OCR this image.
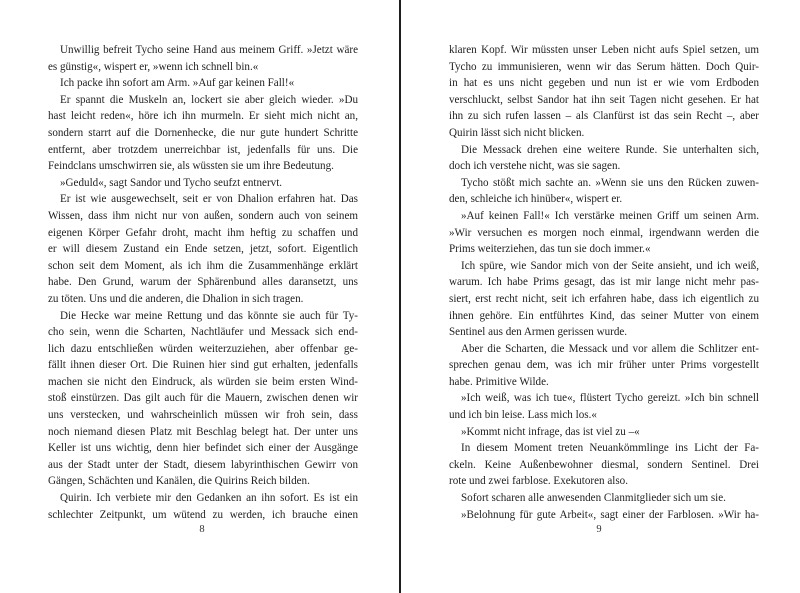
Unwillig befreit Tycho seine Hand aus meinem Griff. »Jetzt wäre
es günstig«, wispert er, »wenn ich schnell bin.«
Ich packe ihn sofort am Arm. »Auf gar keinen Fall!«
Er spannt die Muskeln an, lockert sie aber gleich wieder. »Du
hast leicht reden«, höre ich ihn murmeln. Er sieht mich nicht an,
sondern starrt auf die Dornenhecke, die nur gute hundert Schritte
entfernt, aber trotzdem unerreichbar ist, jedenfalls für uns. Die
Feindclans umschwirren sie, als wüssten sie um ihre Bedeutung.
»Geduld«, sagt Sandor und Tycho seufzt entnervt.
Er ist wie ausgewechselt, seit er von Dhalion erfahren hat. Das
Wissen, dass ihm nicht nur von außen, sondern auch von seinem
eigenen Körper Gefahr droht, macht ihm heftig zu schaffen und
er will diesem Zustand ein Ende setzen, jetzt, sofort. Eigentlich
schon seit dem Moment, als ich ihm die Zusammenhänge erklärt
habe. Den Grund, warum der Sphärenbund alles daransetzt, uns
zu töten. Uns und die anderen, die Dhalion in sich tragen.
Die Hecke war meine Rettung und das könnte sie auch für Ty-
cho sein, wenn die Scharten, Nachtläufer und Messack sich end-
lich dazu entschließen würden weiterzuziehen, aber offenbar ge-
fällt ihnen dieser Ort. Die Ruinen hier sind gut erhalten, jedenfalls
machen sie nicht den Eindruck, als würden sie beim ersten Wind-
stoß einstürzen. Das gilt auch für die Mauern, zwischen denen wir
uns verstecken, und wahrscheinlich müssen wir froh sein, dass
noch niemand diesen Platz mit Beschlag belegt hat. Der unter uns
Keller ist uns wichtig, denn hier befindet sich einer der Ausgänge
aus der Stadt unter der Stadt, diesem labyrinthischen Gewirr von
Gängen, Schächten und Kanälen, die Quirins Reich bilden.
Quirin. Ich verbiete mir den Gedanken an ihn sofort. Es ist ein
schlechter Zeitpunkt, um wütend zu werden, ich brauche einen
8
klaren Kopf. Wir müssten unser Leben nicht aufs Spiel setzen, um
Tycho zu immunisieren, wenn wir das Serum hätten. Doch Quir-
in hat es uns nicht gegeben und nun ist er wie vom Erdboden
verschluckt, selbst Sandor hat ihn seit Tagen nicht gesehen. Er hat
ihn zu sich rufen lassen – als Clanfürst ist das sein Recht –, aber
Quirin lässt sich nicht blicken.
Die Messack drehen eine weitere Runde. Sie unterhalten sich,
doch ich verstehe nicht, was sie sagen.
Tycho stößt mich sachte an. »Wenn sie uns den Rücken zuwen-
den, schleiche ich hinüber«, wispert er.
»Auf keinen Fall!« Ich verstärke meinen Griff um seinen Arm.
»Wir versuchen es morgen noch einmal, irgendwann werden die
Prims weiterziehen, das tun sie doch immer.«
Ich spüre, wie Sandor mich von der Seite ansieht, und ich weiß,
warum. Ich habe Prims gesagt, das ist mir lange nicht mehr pas-
siert, erst recht nicht, seit ich erfahren habe, dass ich eigentlich zu
ihnen gehöre. Ein entführtes Kind, das seiner Mutter von einem
Sentinel aus den Armen gerissen wurde.
Aber die Scharten, die Messack und vor allem die Schlitzer ent-
sprechen genau dem, was ich mir früher unter Prims vorgestellt
habe. Primitive Wilde.
»Ich weiß, was ich tue«, flüstert Tycho gereizt. »Ich bin schnell
und ich bin leise. Lass mich los.«
»Kommt nicht infrage, das ist viel zu –«
In diesem Moment treten Neuankömmlinge ins Licht der Fa-
ckeln. Keine Außenbewohner diesmal, sondern Sentinel. Drei
rote und zwei farblose. Exekutoren also.
Sofort scharen alle anwesenden Clanmitglieder sich um sie.
»Belohnung für gute Arbeit«, sagt einer der Farblosen. »Wir ha-
9
